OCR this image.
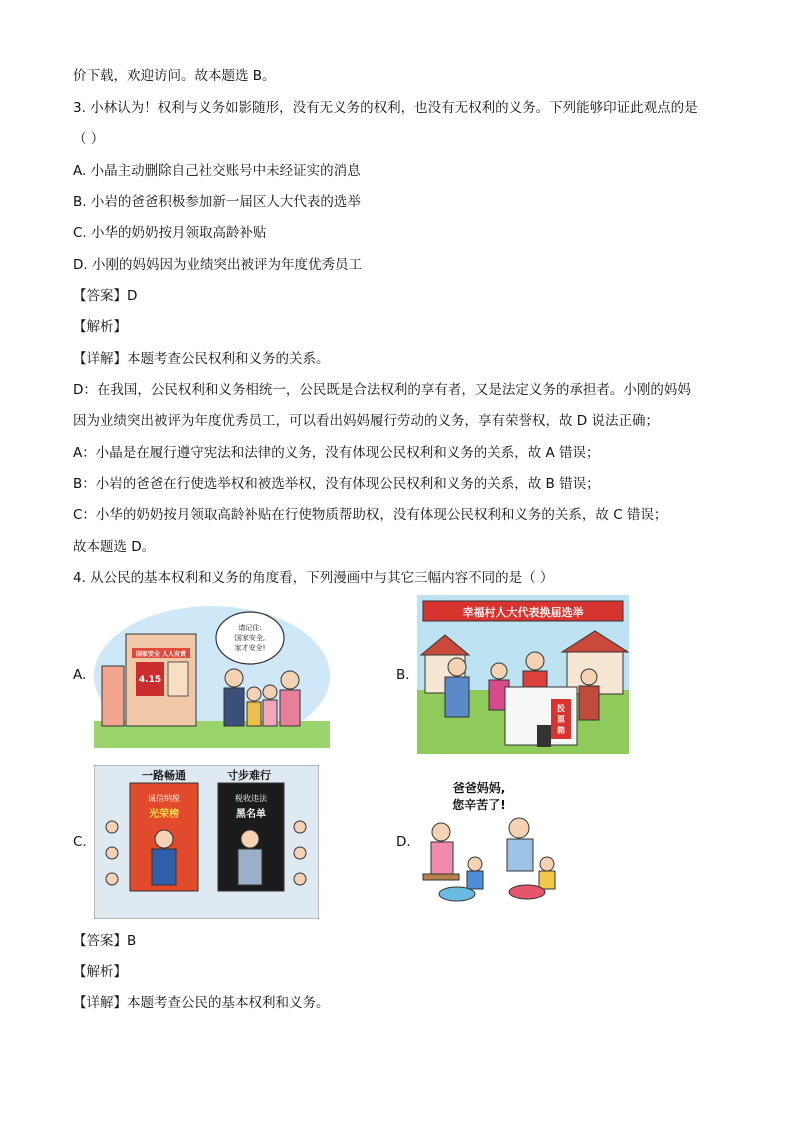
价下载，欢迎访问。故本题选 B。
3. 小林认为！权利与义务如影随形，没有无义务的权利，也没有无权利的义务。下列能够印证此观点的是
（ ）
A. 小晶主动删除自己社交账号中未经证实的消息
B. 小岩的爸爸积极参加新一届区人大代表的选举
C. 小华的奶奶按月领取高龄补贴
D. 小刚的妈妈因为业绩突出被评为年度优秀员工
【答案】D
【解析】
【详解】本题考查公民权利和义务的关系。
D：在我国，公民权利和义务相统一，公民既是合法权利的享有者，又是法定义务的承担者。小刚的妈妈
因为业绩突出被评为年度优秀员工，可以看出妈妈履行劳动的义务，享有荣誉权，故 D 说法正确；
A：小晶是在履行遵守宪法和法律的义务，没有体现公民权利和义务的关系，故 A 错误；
B：小岩的爸爸在行使选举权和被选举权，没有体现公民权利和义务的关系，故 B 错误；
C：小华的奶奶按月领取高龄补贴在行使物质帮助权，没有体现公民权利和义务的关系，故 C 错误；
故本题选 D。
4. 从公民的基本权利和义务的角度看，下列漫画中与其它三幅内容不同的是（ ）
A.	B.
C.	D.
国家安全 人人有责
4.15
请记住:
国家安全,
家才安全!
幸福村人大代表换届选举
投
票
箱
一路畅通	寸步难行
诚信纳税
光荣榜
税收违法
黑名单
爸爸妈妈,
您辛苦了!
【答案】B
【解析】
【详解】本题考查公民的基本权利和义务。
